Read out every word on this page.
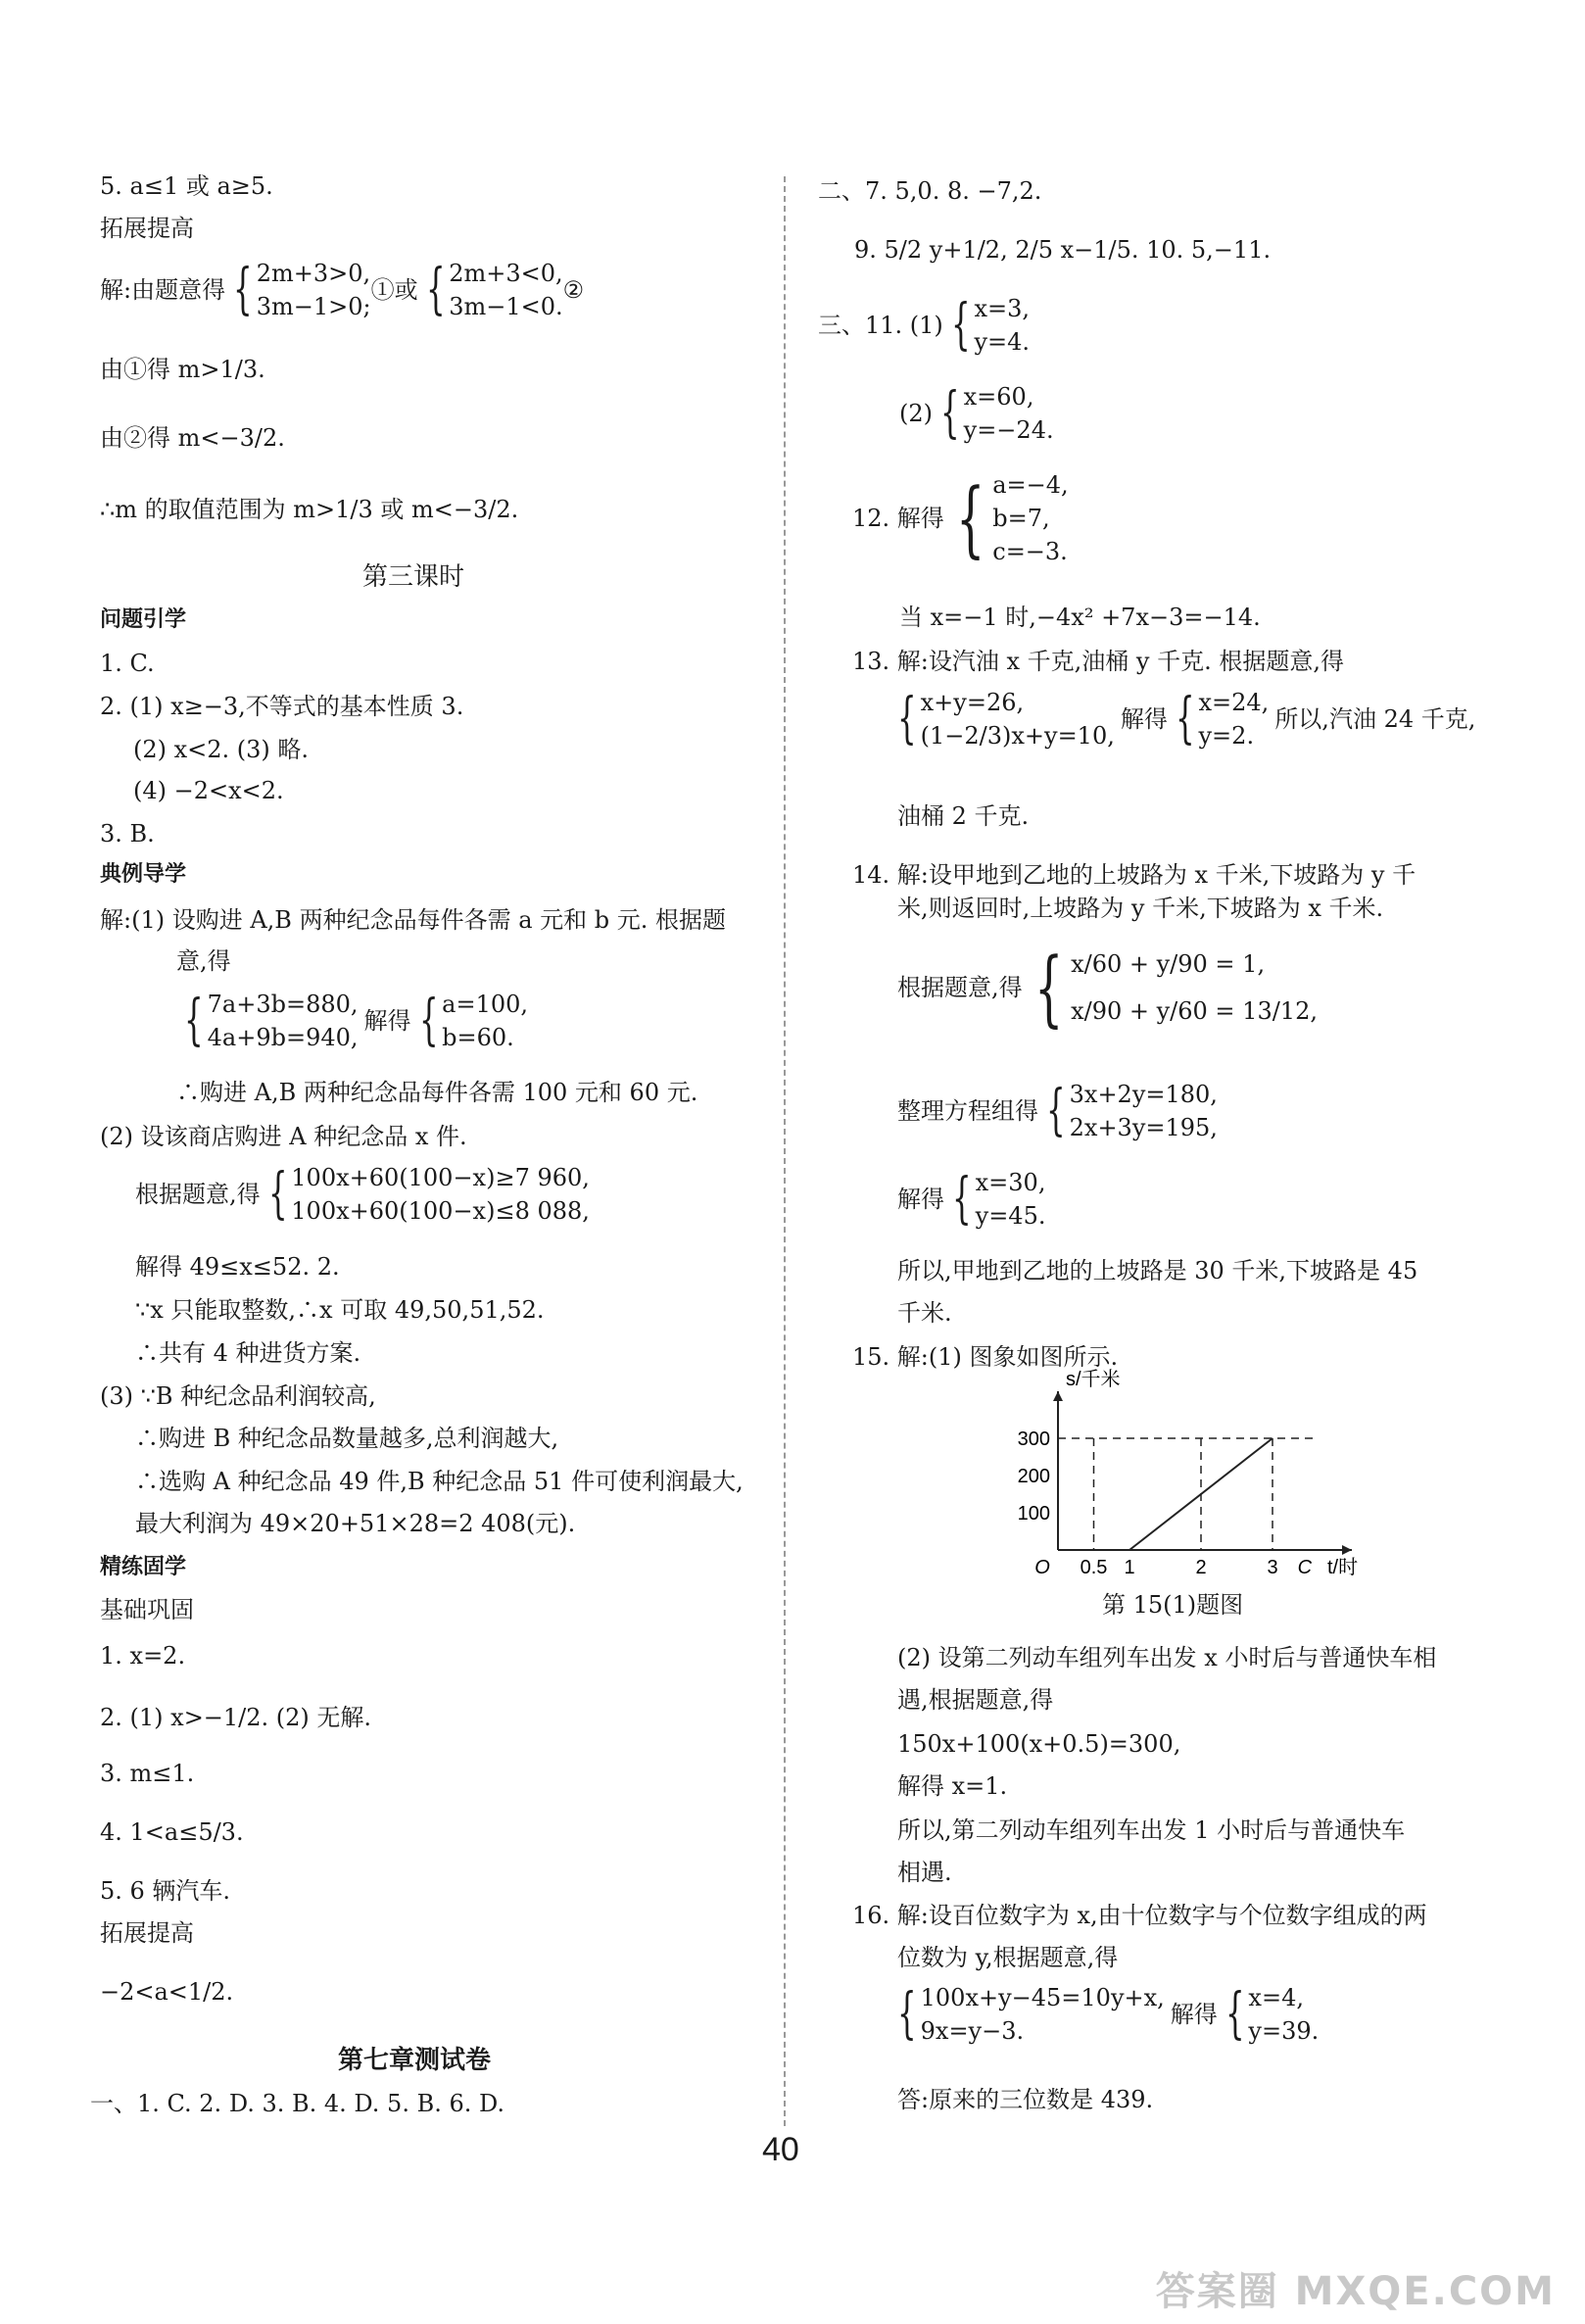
5. a≤1 或 a≥5.
拓展提高
解:由题意得 { 2m+3>0,
3m−1>0;
①或 { 2m+3<0,
3m−1<0.
②
由①得 m>1/3.
由②得 m<−3/2.
∴m 的取值范围为 m>1/3 或 m<−3/2.
第三课时
问题引学
1. C.
2. (1) x≥−3,不等式的基本性质 3.
(2) x<2. (3) 略.
(4) −2<x<2.
3. B.
典例导学
解:(1) 设购进 A,B 两种纪念品每件各需 a 元和 b 元. 根据题
意,得
{ 7a+3b=880,
4a+9b=940,
解得 { a=100,
b=60.
∴购进 A,B 两种纪念品每件各需 100 元和 60 元.
(2) 设该商店购进 A 种纪念品 x 件.
根据题意,得 { 100x+60(100−x)≥7 960,
100x+60(100−x)≤8 088,
解得 49≤x≤52. 2.
∵x 只能取整数,∴x 可取 49,50,51,52.
∴共有 4 种进货方案.
(3) ∵B 种纪念品利润较高,
∴购进 B 种纪念品数量越多,总利润越大,
∴选购 A 种纪念品 49 件,B 种纪念品 51 件可使利润最大,
最大利润为 49×20+51×28=2 408(元).
精练固学
基础巩固
1. x=2.
2. (1) x>−1/2. (2) 无解.
3. m≤1.
4. 1<a≤5/3.
5. 6 辆汽车.
拓展提高
−2<a<1/2.
第七章测试卷
一、1. C. 2. D. 3. B. 4. D. 5. B. 6. D.
二、7. 5,0. 8. −7,2.
9. 5/2 y+1/2, 2/5 x−1/5. 10. 5,−11.
三、11. (1) { x=3,
y=4.
(2) { x=60,
y=−24.
12. 解得 { a=−4,
b=7,
c=−3.
当 x=−1 时,−4x² +7x−3=−14.
13. 解:设汽油 x 千克,油桶 y 千克. 根据题意,得
{ x+y=26,
(1−2/3)x+y=10,
解得 { x=24,
y=2.
所以,汽油 24 千克,
油桶 2 千克.
14. 解:设甲地到乙地的上坡路为 x 千米,下坡路为 y 千
米,则返回时,上坡路为 y 千米,下坡路为 x 千米.
根据题意,得 { x/60 + y/90 = 1,
x/90 + y/60 = 13/12,
整理方程组得 { 3x+2y=180,
2x+3y=195,
解得 { x=30,
y=45.
所以,甲地到乙地的上坡路是 30 千米,下坡路是 45
千米.
15. 解:(1) 图象如图所示.
100
200
300
0.5 1	2	3 C
O
s/千米
t/时
第 15(1)题图
(2) 设第二列动车组列车出发 x 小时后与普通快车相
遇,根据题意,得
150x+100(x+0.5)=300,
解得 x=1.
所以,第二列动车组列车出发 1 小时后与普通快车
相遇.
16. 解:设百位数字为 x,由十位数字与个位数字组成的两
位数为 y,根据题意,得
{ 100x+y−45=10y+x,
9x=y−3.
解得 { x=4,
y=39.
答:原来的三位数是 439.
40
答案圈 MXQE.COM
